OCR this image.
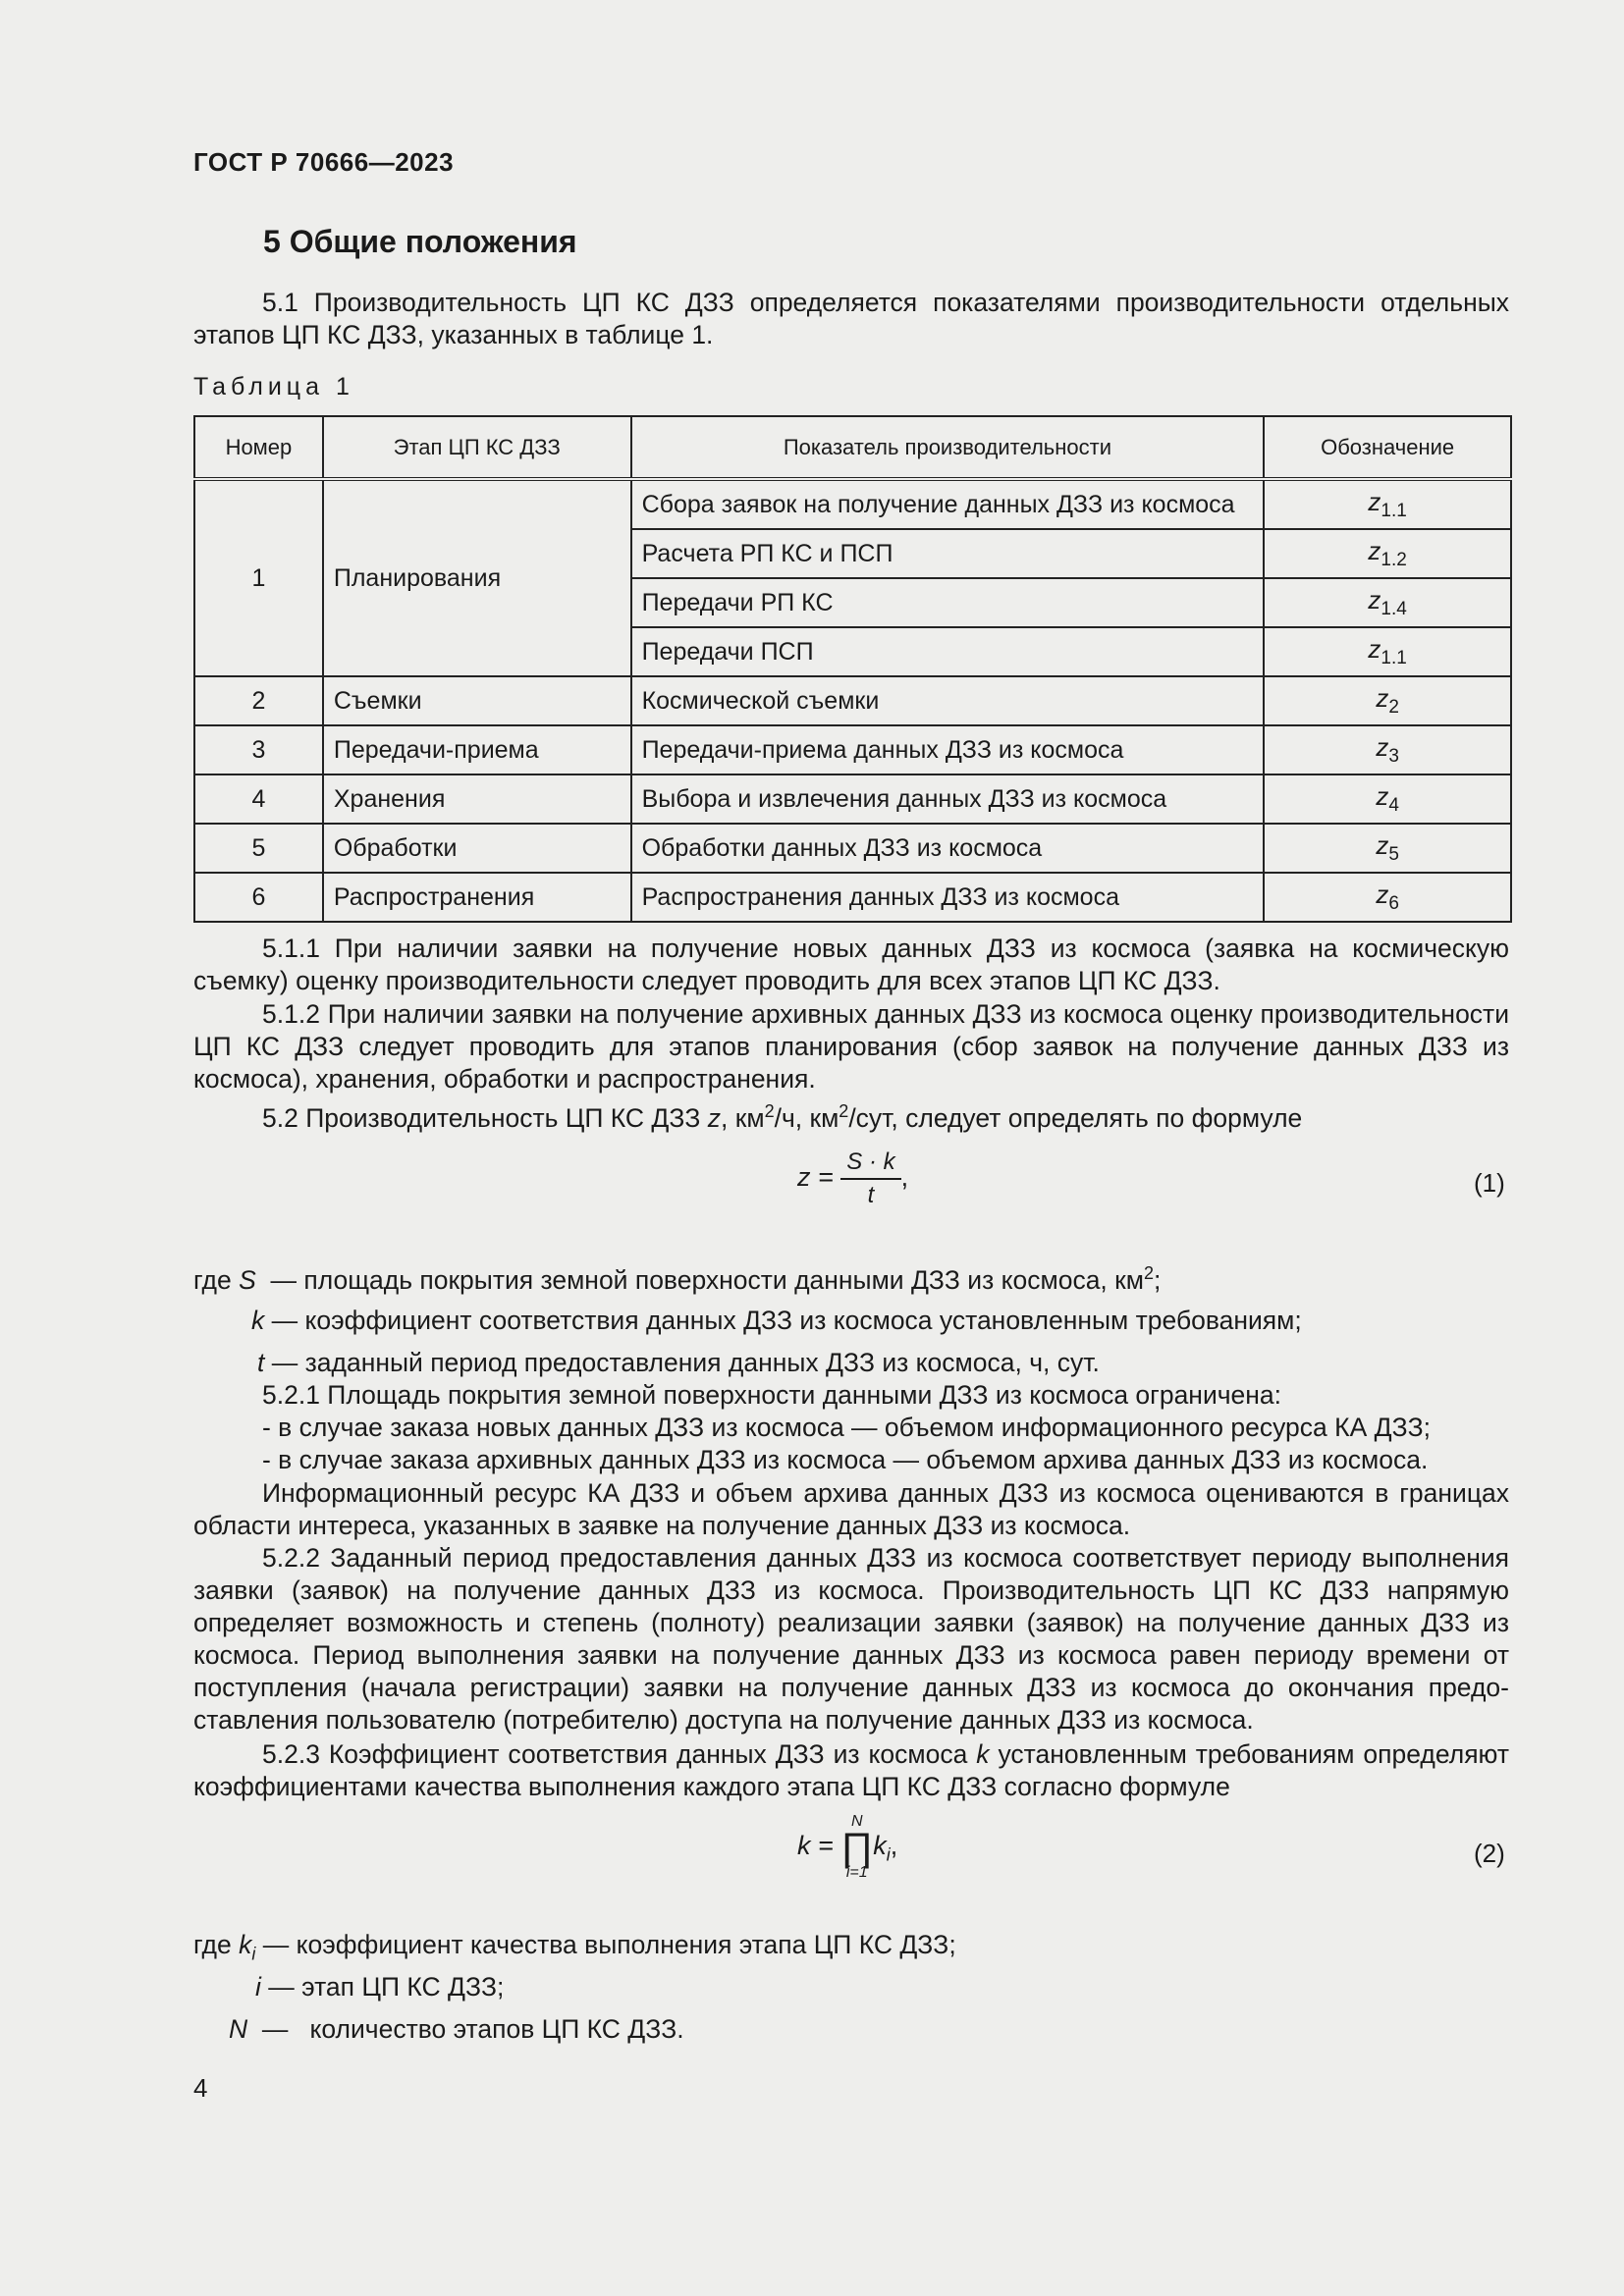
ГОСТ Р 70666—2023
5 Общие положения

5.1 Производительность ЦП КС ДЗЗ определяется показателями производительности отдельных этапов ЦП КС ДЗЗ, указанных в таблице 1.

Таблица 1
Номер	Этап ЦП КС ДЗЗ	Показатель производительности	Обозначение
1	Планирования	Сбора заявок на получение данных ДЗЗ из космоса	$z_{1.1}$
		Расчета РП КС и ПСП	$z_{1.2}$
		Передачи РП КС	$z_{1.4}$
		Передачи ПСП	$z_{1.1}$
2	Съемки	Космической съемки	$z_2$
3	Передачи-приема	Передачи-приема данных ДЗЗ из космоса	$z_3$
4	Хранения	Выбора и извлечения данных ДЗЗ из космоса	$z_4$
5	Обработки	Обработки данных ДЗЗ из космоса	$z_5$
6	Распространения	Распространения данных ДЗЗ из космоса	$z_6$

5.1.1 При наличии заявки на получение новых данных ДЗЗ из космоса (заявка на космическую съемку) оценку производительности следует проводить для всех этапов ЦП КС ДЗЗ.

5.1.2 При наличии заявки на получение архивных данных ДЗЗ из космоса оценку производительности ЦП КС ДЗЗ следует проводить для этапов планирования (сбор заявок на получение данных ДЗЗ из космоса), хранения, обработки и распространения.

5.2 Производительность ЦП КС ДЗЗ z, $км^2/ч$, $км^2$/сут, следует определять по формуле

$z = \frac{S \cdot k}{t}$ ,	(1)
где S — площадь покрытия земной поверхности данными ДЗЗ из космоса, $км^2$;
k — коэффициент соответствия данных ДЗЗ из космоса установленным требованиям;
t — заданный период предоставления данных ДЗЗ из космоса, ч, сут.

5.2.1 Площадь покрытия земной поверхности данными ДЗЗ из космоса ограничена:

- в случае заказа новых данных ДЗЗ из космоса — объемом информационного ресурса КА ДЗЗ;
- в случае заказа архивных данных ДЗЗ из космоса — объемом архива данных ДЗЗ из космоса.

Информационный ресурс КА ДЗЗ и объем архива данных ДЗЗ из космоса оцениваются в границах области интереса, указанных в заявке на получение данных ДЗЗ из космоса.

5.2.2 Заданный период предоставления данных ДЗЗ из космоса соответствует периоду выполнения заявки (заявок) на получение данных ДЗЗ из космоса. Производительность ЦП КС ДЗЗ напрямую определяет возможность и степень (полноту) реализации заявки (заявок) на получение данных ДЗЗ из космоса. Период выполнения заявки на получение данных ДЗЗ из космоса равен периоду времени от поступления (начала регистрации) заявки на получение данных ДЗЗ из космоса до окончания предоставления пользователю (потребителю) доступа на получение данных ДЗЗ из космоса.

5.2.3 Коэффициент соответствия данных ДЗЗ из космоса k установленным требованиям определяют коэффициентами качества выполнения каждого этапа ЦП КС ДЗЗ согласно формуле

k =
N
∏
i=1
$k_i$,	(2)
где $k_i$ — коэффициент качества выполнения этапа ЦП КС ДЗЗ;
i — этап ЦП КС ДЗЗ;
N — количество этапов ЦП КС ДЗЗ.
4
